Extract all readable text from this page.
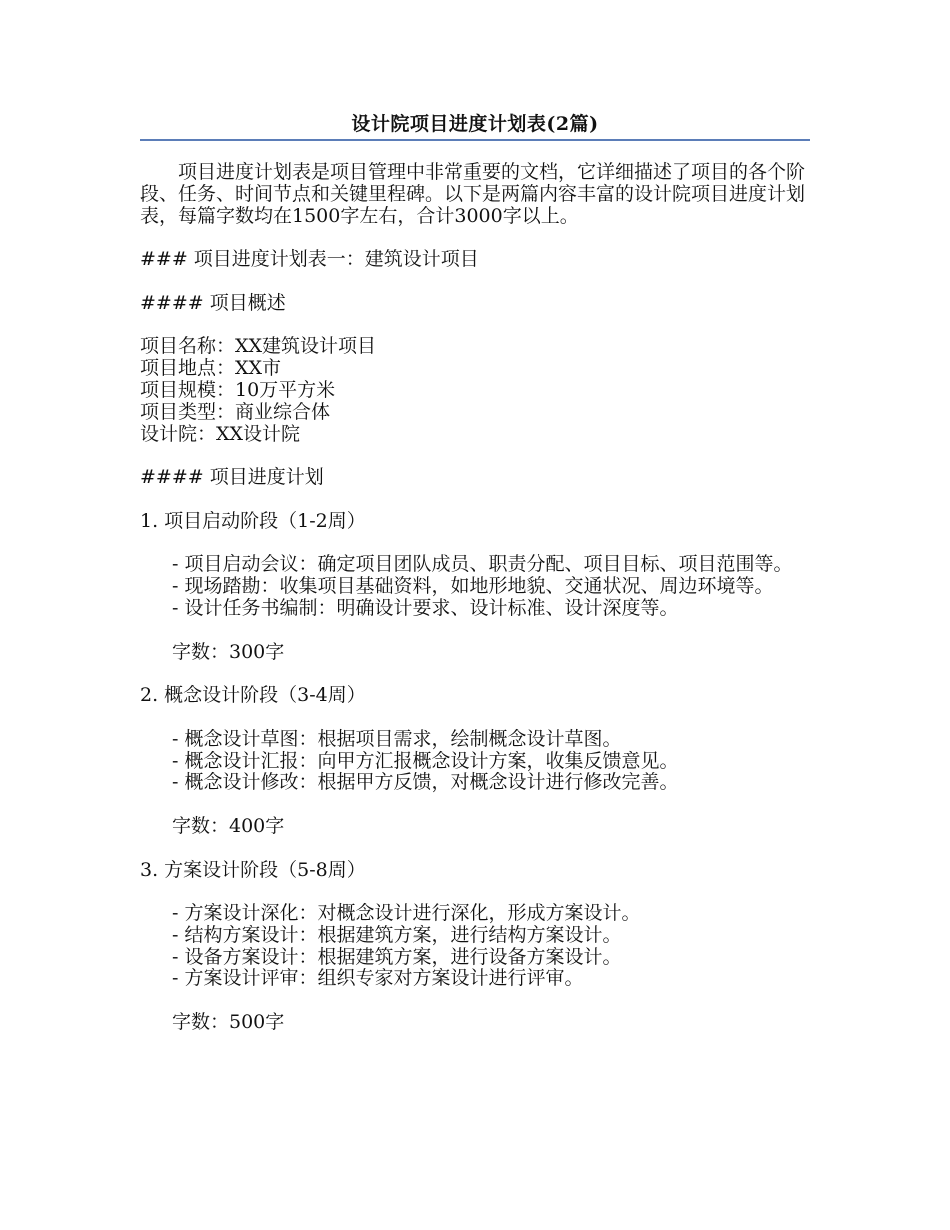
设计院项目进度计划表(2篇)

项目进度计划表是项目管理中非常重要的文档，它详细描述了项目的各个阶段、任务、时间节点和关键里程碑。以下是两篇内容丰富的设计院项目进度计划表，每篇字数均在1500字左右，合计3000字以上。

### 项目进度计划表一：建筑设计项目

#### 项目概述

项目名称：XX建筑设计项目

项目地点：XX市

项目规模：10万平方米

项目类型：商业综合体

设计院：XX设计院

#### 项目进度计划

1. 项目启动阶段（1-2周）

- 项目启动会议：确定项目团队成员、职责分配、项目目标、项目范围等。

- 现场踏勘：收集项目基础资料，如地形地貌、交通状况、周边环境等。

- 设计任务书编制：明确设计要求、设计标准、设计深度等。

字数：300字

2. 概念设计阶段（3-4周）

- 概念设计草图：根据项目需求，绘制概念设计草图。

- 概念设计汇报：向甲方汇报概念设计方案，收集反馈意见。

- 概念设计修改：根据甲方反馈，对概念设计进行修改完善。

字数：400字

3. 方案设计阶段（5-8周）

- 方案设计深化：对概念设计进行深化，形成方案设计。

- 结构方案设计：根据建筑方案，进行结构方案设计。

- 设备方案设计：根据建筑方案，进行设备方案设计。

- 方案设计评审：组织专家对方案设计进行评审。

字数：500字
